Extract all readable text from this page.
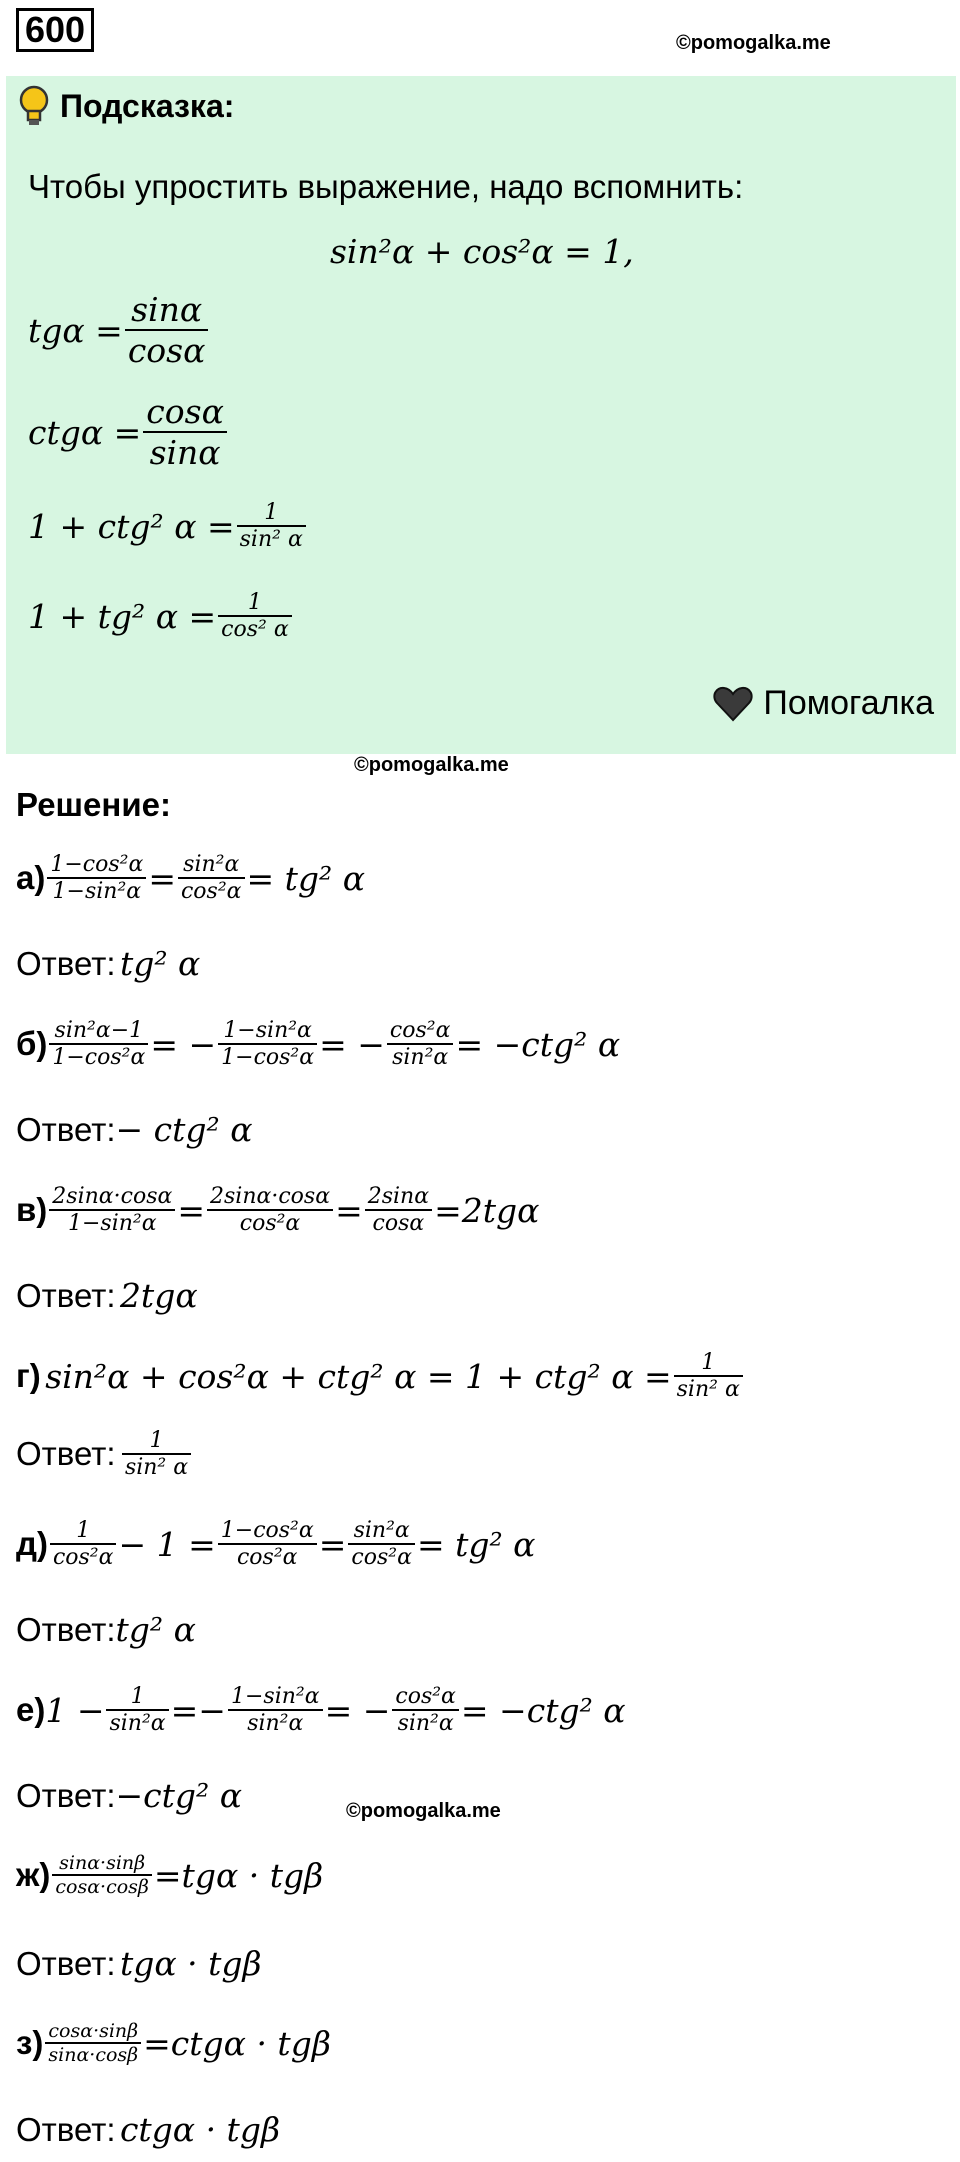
600	©pomogalka.me
Подсказка:
Чтобы упростить выражение, надо вспомнить:
sin²α + cos²α = 1,
$tg\alpha = \frac{\sin\alpha}{\cos\alpha}$
$ctg\alpha = \frac{\cos\alpha}{\sin\alpha}$
1 + ctg² $\alpha = \frac{1}{\text{sin² α}}$
1 + tg² $\alpha = \frac{1}{\text{cos² α}}$
Помогалка
©pomogalka.me
Решение:
$а) \frac{\text{1−cos²α}}{\text{1−sin²α}} = \frac{\text{sin²α}}{\text{cos²α}} = tg^2$ α
Ответ:
tg² α
$б) \frac{\text{sin²α−1}}{\text{1−cos²α}}$ = − $\frac{\text{1−sin²α}}{\text{1−cos²α}}$ = − $\frac{\text{cos²α}}{\text{sin²α}} = -ctg^2$ α
Ответ: − ctg² α
$в) \frac{2\sin\alpha\cdot\cos\alpha}{\text{1−sin²α}} = \frac{2\sin\alpha\cdot\cos\alpha}{\text{cos²α}} = \frac{2\sin\alpha}{\cos\alpha} =2tg\alpha$
Ответ:
2tgα
г)
sin²α + cos²α + ctg² α = 1 + ctg² $\alpha = \frac{1}{\text{sin² α}}$
Ответ:
$\frac{1}{\text{sin² α}}$
$д) \frac{1}{\text{cos²α}} - 1 = \frac{\text{1−cos²α}}{\text{cos²α}} = \frac{\text{sin²α}}{\text{cos²α}} = tg^2$ α
Ответ: tg² α
е) $1 - \frac{1}{\text{sin²α}} =- \frac{\text{1−sin²α}}{\text{sin²α}}$ = − $\frac{\text{cos²α}}{\text{sin²α}} = -ctg^2$ α
Ответ: −ctg² α	©pomogalka.me
$ж) \frac{\sin\alpha\cdot\sin\beta}{\cos\alpha\cdot\cos\beta} =tg\alpha \cdot tg\beta$
Ответ:
tgα · tgβ
$з) \frac{\cos\alpha\cdot\sin\beta}{\sin\alpha\cdot\cos\beta} =ctg\alpha \cdot tg\beta$
Ответ:
ctgα · tgβ
